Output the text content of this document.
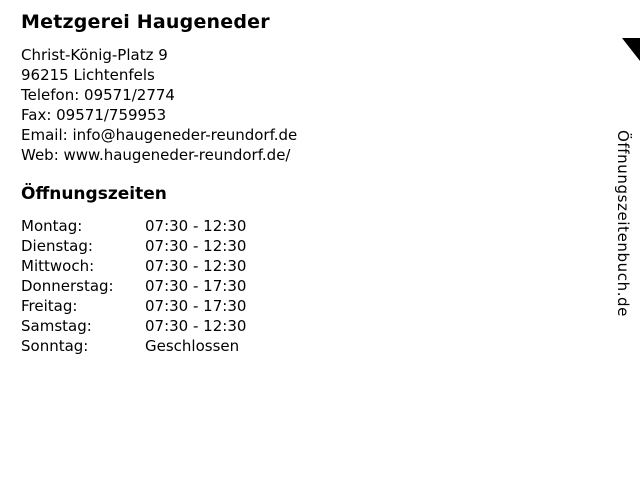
Metzgerei Haugeneder
Christ-König-Platz 9
96215 Lichtenfels
Telefon: 09571/2774
Fax: 09571/759953
Email: info@haugeneder-reundorf.de
Web: www.haugeneder-reundorf.de/
Öffnungszeiten
Montag:	07:30 - 12:30
Dienstag:	07:30 - 12:30
Mittwoch:	07:30 - 12:30
Donnerstag:	07:30 - 17:30
Freitag:	07:30 - 17:30
Samstag:	07:30 - 12:30
Sonntag:	Geschlossen
Öffnungszeitenbuch.de
